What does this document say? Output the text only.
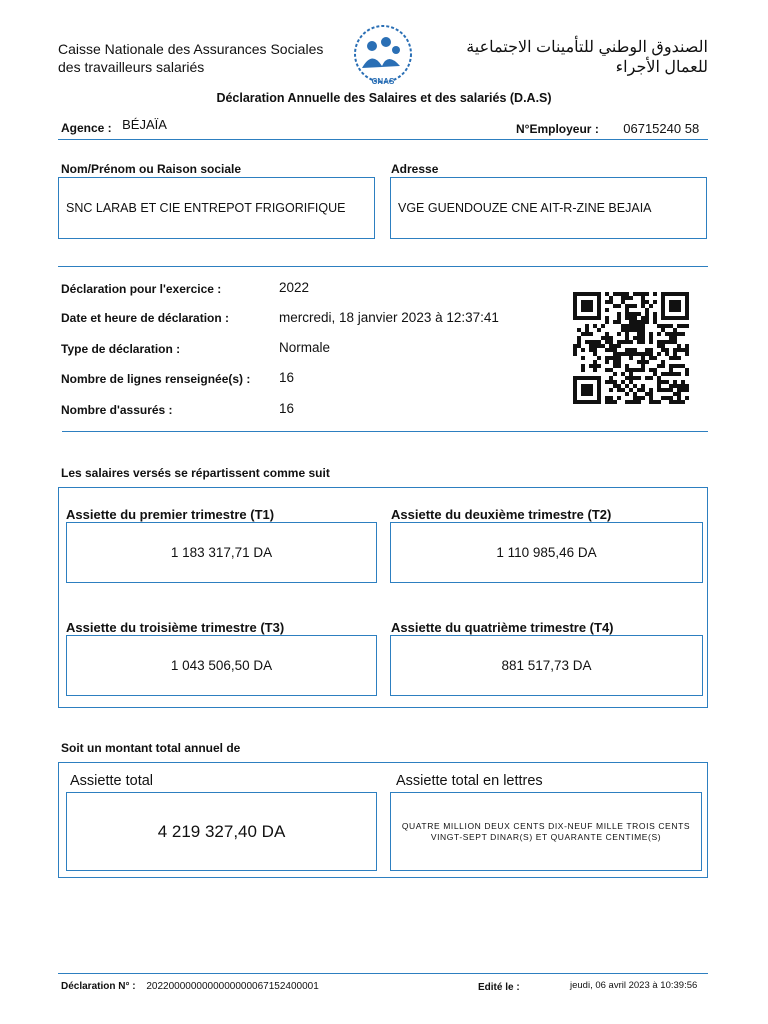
Caisse Nationale des Assurances Sociales
des travailleurs salariés
CNAS
الصندوق الوطني للتأمينات الاجتماعية
للعمال الأجراء
Déclaration Annuelle des Salaires et des salariés (D.A.S)
Agence : BÉJAÏA	N°Employeur : 06715240 58
Nom/Prénom ou Raison sociale
SNC LARAB ET CIE ENTREPOT FRIGORIFIQUE
Adresse
VGE GUENDOUZE CNE AIT-R-ZINE BEJAIA
Déclaration pour l'exercice :	2022
Date et heure de déclaration :	mercredi, 18 janvier 2023 à 12:37:41
Type de déclaration :	Normale
Nombre de lignes renseignée(s) : 16
Nombre d'assurés :	16
Les salaires versés se répartissent comme suit
Assiette du premier trimestre (T1)
1 183 317,71 DA
Assiette du deuxième trimestre (T2)
1 110 985,46 DA
Assiette du troisième trimestre (T3)
1 043 506,50 DA
Assiette du quatrième trimestre (T4)
881 517,73 DA
Soit un montant total annuel de
Assiette total
4 219 327,40 DA
Assiette total en lettres
QUATRE MILLION DEUX CENTS DIX-NEUF MILLE TROIS CENTS VINGT-SEPT DINAR(S) ET QUARANTE CENTIME(S)
Déclaration N° : 2022000000000000000067152400001	Edité le :	jeudi, 06 avril 2023 à 10:39:56
